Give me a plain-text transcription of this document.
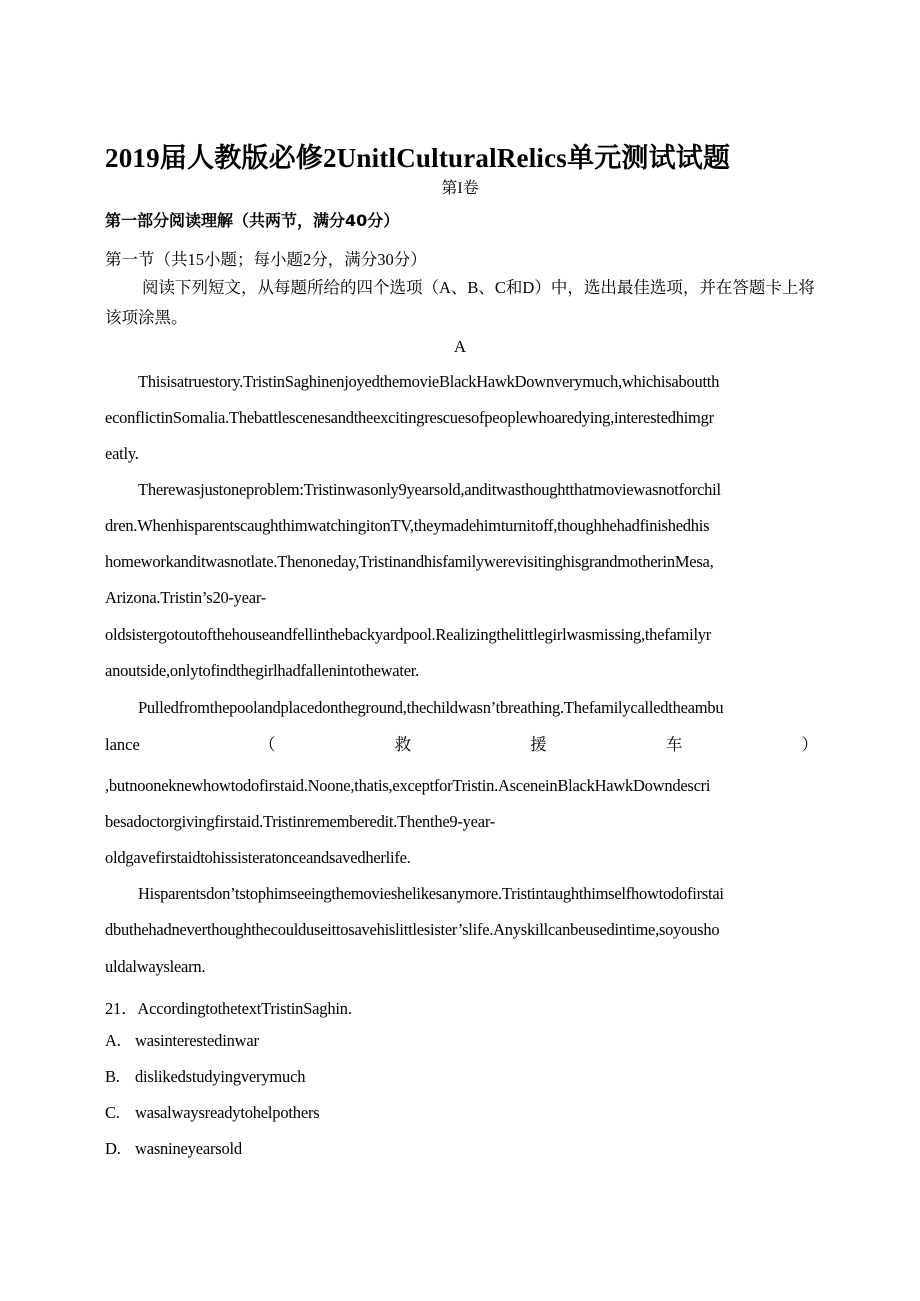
2019届人教版必修2UnitlCulturalRelics单元测试试题
第I卷
第一部分阅读理解（共两节，满分40分）
第一节（共15小题；每小题2分，满分30分）
阅读下列短文，从每题所给的四个选项（A、B、C和D）中，选出最佳选项，并在答题卡上将该项涂黑。
A
Thisisatruestory.TristinSaghinenjoyedthemovieBlackHawkDownverymuch,whichisaboutth
econflictinSomalia.Thebattlescenesandtheexcitingrescuesofpeoplewhoaredying,interestedhimgr
eatly.
Therewasjustoneproblem:Tristinwasonly9yearsold,anditwasthoughtthatmoviewasnotforchil
dren.WhenhisparentscaughthimwatchingitonTV,theymadehimturnitoff,thoughhehadfinishedhis
homeworkanditwasnotlate.Thenoneday,TristinandhisfamilywerevisitinghisgrandmotherinMesa,
Arizona.Tristin’s20-year-
oldsistergotoutofthehouseandfellinthebackyardpool.Realizingthelittlegirlwasmissing,thefamilyr
anoutside,onlytofindthegirlhadfallenintothewater.
Pulledfromthepoolandplacedontheground,thechildwasn’tbreathing.Thefamilycalledtheambu
lance	（	救	援	车	）
,butnooneknewhowtodofirstaid.Noone,thatis,exceptforTristin.AsceneinBlackHawkDowndescri
besadoctorgivingfirstaid.Tristinrememberedit.Thenthe9-year-
oldgavefirstaidtohissisteratonceandsavedherlife.
Hisparentsdon’tstophimseeingthemovieshelikesanymore.Tristintaughthimselfhowtodofirstai
dbuthehadneverthoughthecoulduseittosavehislittlesister’slife.Anyskillcanbeusedintime,soyousho
uldalwayslearn.
21．AccordingtothetextTristinSaghin.
A. wasinterestedinwar
B. dislikedstudyingverymuch
C. wasalwaysreadytohelpothers
D. wasnineyearsold
